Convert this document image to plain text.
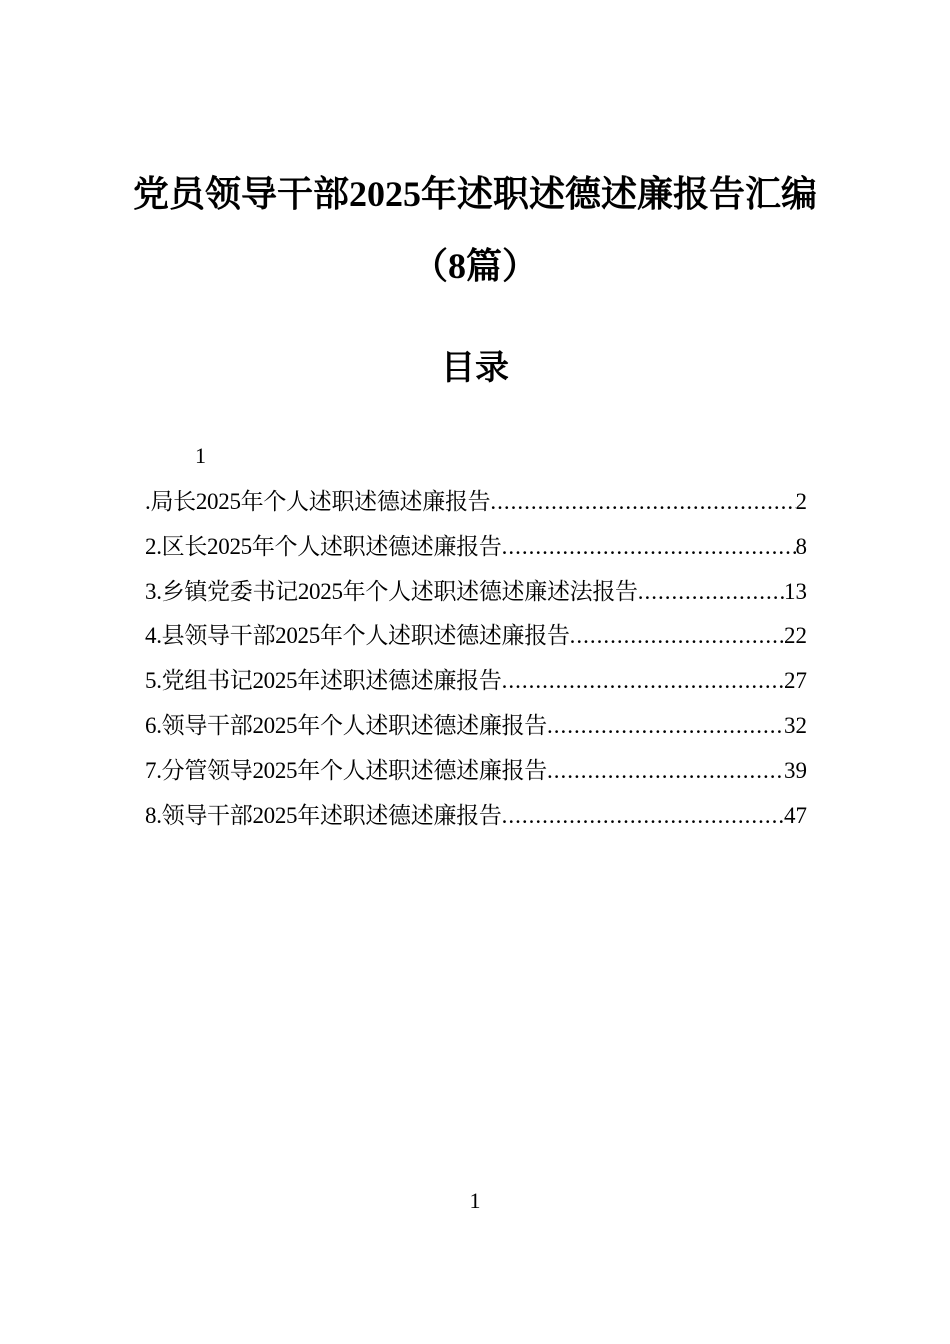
党员领导干部2025年述职述德述廉报告汇编（8篇）
目录
1
.局长2025年个人述职述德述廉报告 .....	2
2.区长2025年个人述职述德述廉报告 .....	8
3.乡镇党委书记2025年个人述职述德述廉述法报告 .....	13
4.县领导干部2025年个人述职述德述廉报告 .....	22
5.党组书记2025年述职述德述廉报告 .....	27
6.领导干部2025年个人述职述德述廉报告 .....	32
7.分管领导2025年个人述职述德述廉报告 .....	39
8.领导干部2025年述职述德述廉报告 .....	47
1
